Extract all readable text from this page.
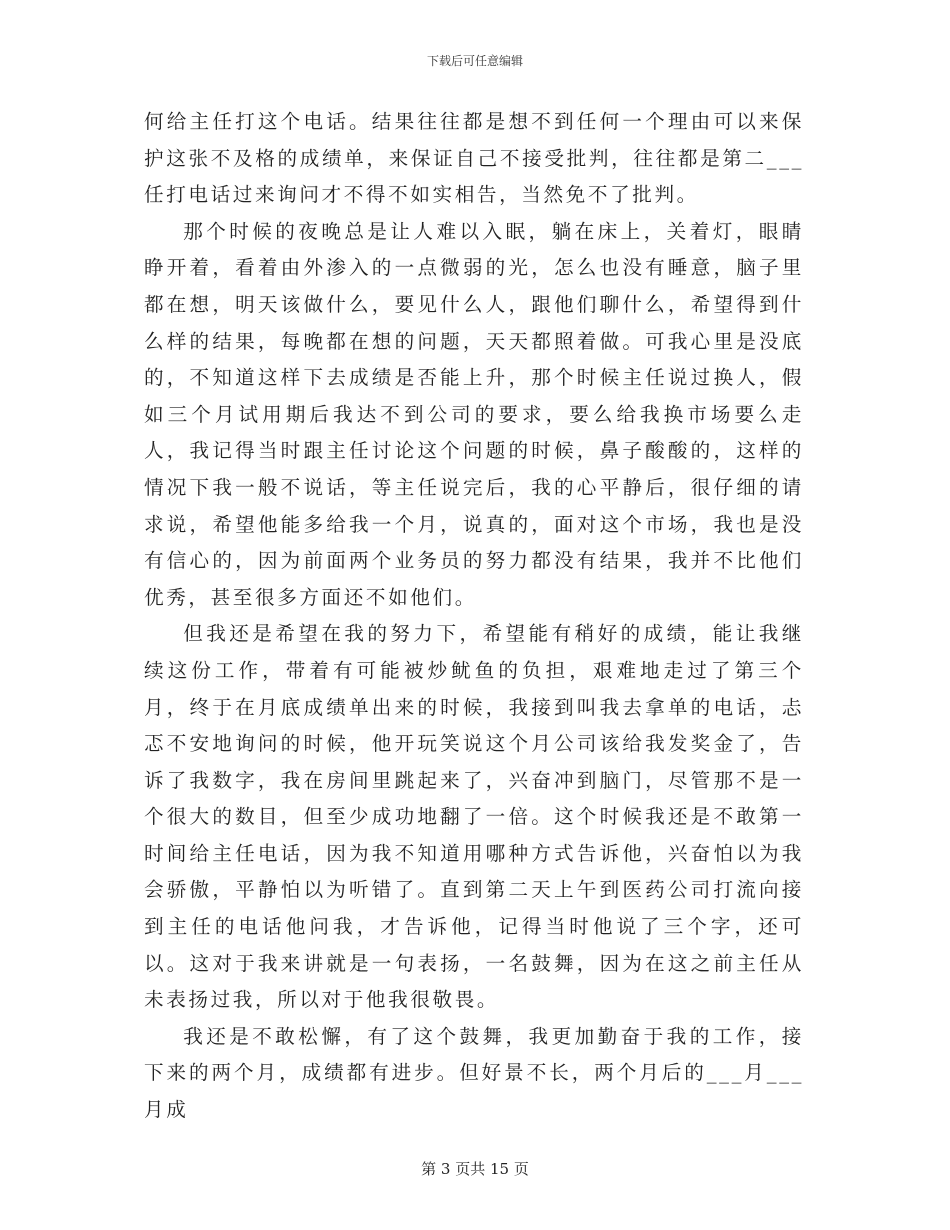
下载后可任意编辑

何给主任打这个电话。结果往往都是想不到任何一个理由可以来保护这张不及格的成绩单，来保证自己不接受批判，往往都是第二___任打电话过来询问才不得不如实相告，当然免不了批判。

那个时候的夜晚总是让人难以入眠，躺在床上，关着灯，眼睛睁开着，看着由外渗入的一点微弱的光，怎么也没有睡意，脑子里都在想，明天该做什么，要见什么人，跟他们聊什么，希望得到什么样的结果，每晚都在想的问题，天天都照着做。可我心里是没底的，不知道这样下去成绩是否能上升，那个时候主任说过换人，假如三个月试用期后我达不到公司的要求，要么给我换市场要么走人，我记得当时跟主任讨论这个问题的时候，鼻子酸酸的，这样的情况下我一般不说话，等主任说完后，我的心平静后，很仔细的请求说，希望他能多给我一个月，说真的，面对这个市场，我也是没有信心的，因为前面两个业务员的努力都没有结果，我并不比他们优秀，甚至很多方面还不如他们。

但我还是希望在我的努力下，希望能有稍好的成绩，能让我继续这份工作，带着有可能被炒鱿鱼的负担，艰难地走过了第三个月，终于在月底成绩单出来的时候，我接到叫我去拿单的电话，忐忑不安地询问的时候，他开玩笑说这个月公司该给我发奖金了，告诉了我数字，我在房间里跳起来了，兴奋冲到脑门，尽管那不是一个很大的数目，但至少成功地翻了一倍。这个时候我还是不敢第一时间给主任电话，因为我不知道用哪种方式告诉他，兴奋怕以为我会骄傲，平静怕以为听错了。直到第二天上午到医药公司打流向接到主任的电话他问我，才告诉他，记得当时他说了三个字，还可以。这对于我来讲就是一句表扬，一名鼓舞，因为在这之前主任从未表扬过我，所以对于他我很敬畏。

我还是不敢松懈，有了这个鼓舞，我更加勤奋于我的工作，接下来的两个月，成绩都有进步。但好景不长，两个月后的___月___月成

第 3 页共 15 页
